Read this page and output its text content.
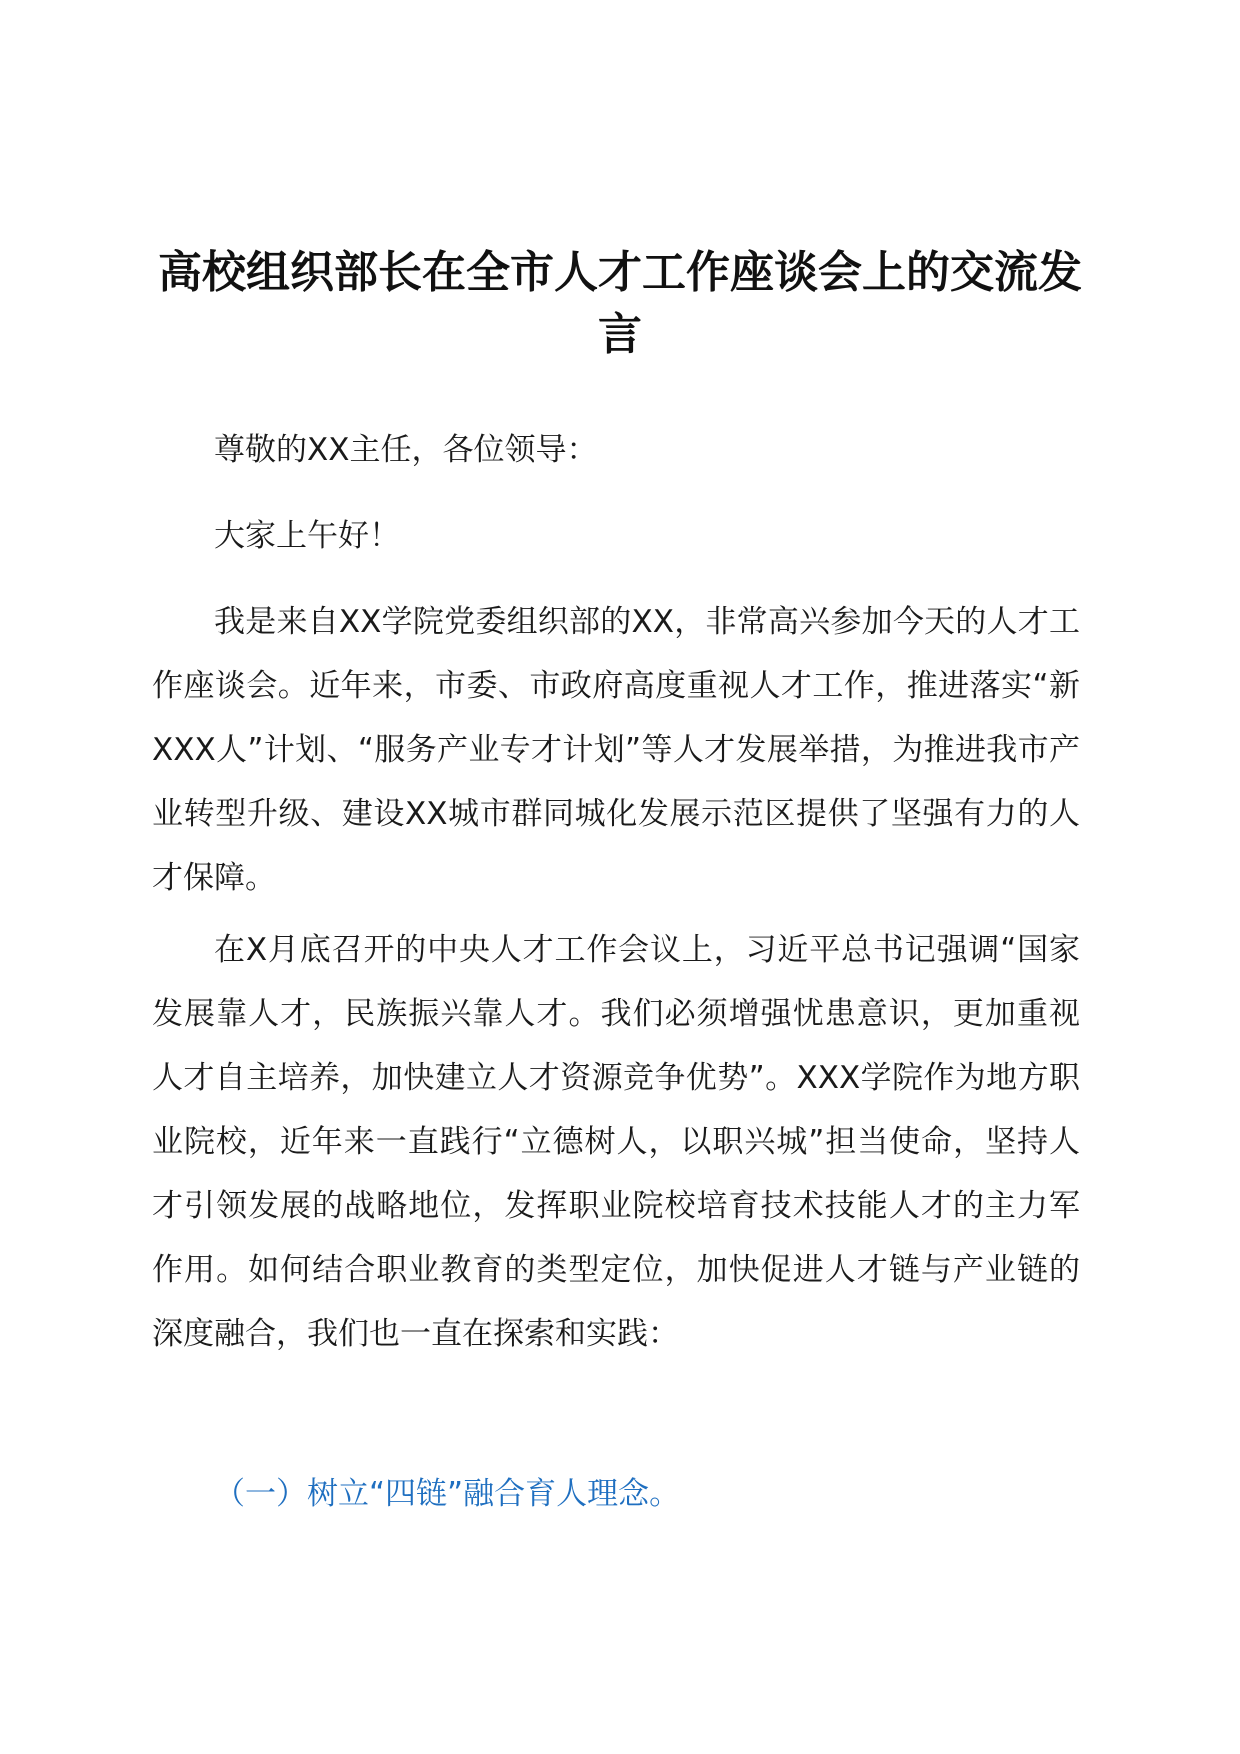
高校组织部长在全市人才工作座谈会上的交流发言

尊敬的XX主任，各位领导：

大家上午好！

我是来自XX学院党委组织部的XX，非常高兴参加今天的人才工作座谈会。近年来，市委、市政府高度重视人才工作，推进落实“新XXX人”计划、“服务产业专才计划”等人才发展举措，为推进我市产业转型升级、建设XX城市群同城化发展示范区提供了坚强有力的人才保障。

在X月底召开的中央人才工作会议上，习近平总书记强调“国家发展靠人才，民族振兴靠人才。我们必须增强忧患意识，更加重视人才自主培养，加快建立人才资源竞争优势”。XXX学院作为地方职业院校，近年来一直践行“立德树人，以职兴城”担当使命，坚持人才引领发展的战略地位，发挥职业院校培育技术技能人才的主力军作用。如何结合职业教育的类型定位，加快促进人才链与产业链的深度融合，我们也一直在探索和实践：

（一）树立“四链”融合育人理念。
